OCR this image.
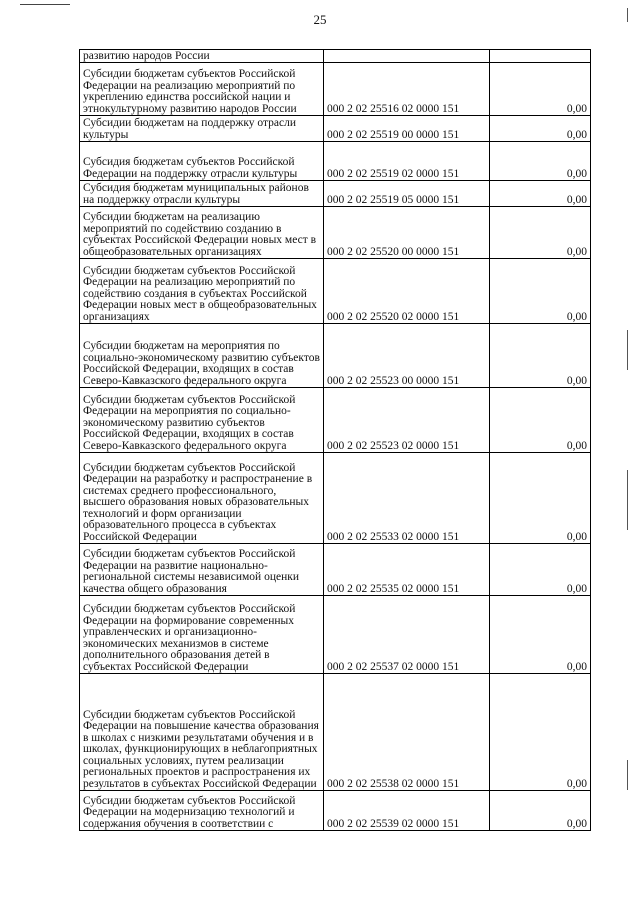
25
развитию народов России		
Субсидии бюджетам субъектов Российской Федерации на реализацию мероприятий по укреплению единства российской нации и этнокультурному развитию народов России	000 2 02 25516 02 0000 151	0,00
Субсидии бюджетам на поддержку отрасли культуры	000 2 02 25519 00 0000 151	0,00
Субсидия бюджетам субъектов Российской Федерации на поддержку отрасли культуры	000 2 02 25519 02 0000 151	0,00
Субсидия бюджетам муниципальных районов на поддержку отрасли культуры	000 2 02 25519 05 0000 151	0,00
Субсидии бюджетам на реализацию мероприятий по содействию созданию в субъектах Российской Федерации новых мест в общеобразовательных организациях	000 2 02 25520 00 0000 151	0,00
Субсидии бюджетам субъектов Российской Федерации на реализацию мероприятий по содействию создания в субъектах Российской Федерации новых мест в общеобразовательных организациях	000 2 02 25520 02 0000 151	0,00
Субсидии бюджетам на мероприятия по социально-экономическому развитию субъектов Российской Федерации, входящих в состав Северо-Кавказского федерального округа	000 2 02 25523 00 0000 151	0,00
Субсидии бюджетам субъектов Российской Федерации на мероприятия по социально-экономическому развитию субъектов Российской Федерации, входящих в состав Северо-Кавказского федерального округа	000 2 02 25523 02 0000 151	0,00
Субсидии бюджетам субъектов Российской Федерации на разработку и распространение в системах среднего профессионального, высшего образования новых образовательных технологий и форм организации образовательного процесса в субъектах Российской Федерации	000 2 02 25533 02 0000 151	0,00
Субсидии бюджетам субъектов Российской Федерации на развитие национально-региональной системы независимой оценки качества общего образования	000 2 02 25535 02 0000 151	0,00
Субсидии бюджетам субъектов Российской Федерации на формирование современных управленческих и организационно-экономических механизмов в системе дополнительного образования детей в субъектах Российской Федерации	000 2 02 25537 02 0000 151	0,00
Субсидии бюджетам субъектов Российской Федерации на повышение качества образования в школах с низкими результатами обучения и в школах, функционирующих в неблагоприятных социальных условиях, путем реализации региональных проектов и распространения их результатов в субъектах Российской Федерации	000 2 02 25538 02 0000 151	0,00
Субсидии бюджетам субъектов Российской Федерации на модернизацию технологий и содержания обучения в соответствии с	000 2 02 25539 02 0000 151	0,00
